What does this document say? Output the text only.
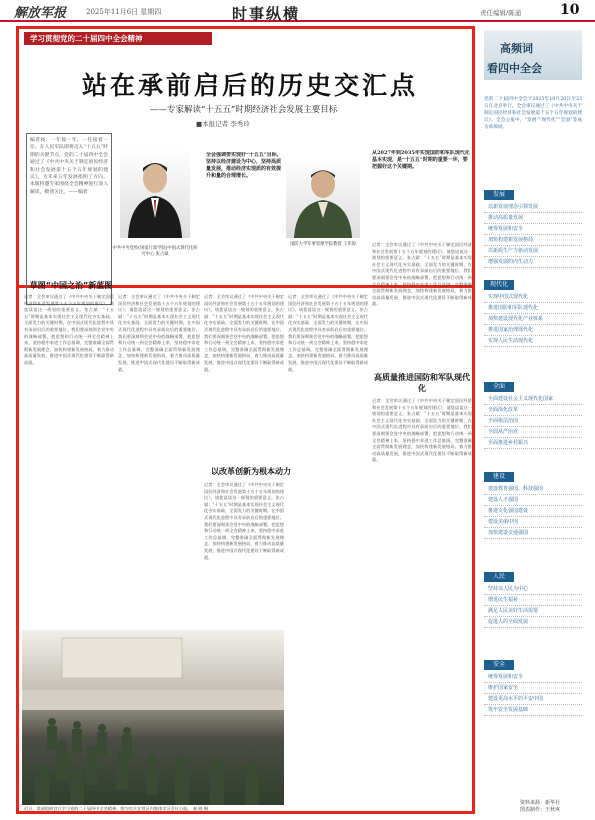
解放军报	2025年11月6日 星期四	时事纵横	责任编辑/陈通	10
学习贯彻党的二十届四中全会精神
站在承前启后的历史交汇点
——专家解读“十五五”时期经济社会发展主要目标
■本报记者 李秀玲
编者按：一年接一年，一任接着一任。在人民军队即将迈入“十五五”时期的关键节点，党的二十届四中全会通过了《中共中央关于制定国民经济和社会发展第十五个五年规划的建议》，为未来五年发展指明了方向。本版特邀专家围绕全会精神进行深入解读，敬请关注。——编者
中共中央党校(国家行政学院)中国式现代化研究中心 张占斌
全会强调要实现好“十五五”目标，坚持以经济建设为中心，坚持高质量发展，推动经济实现质的有效提升和量的合理增长。
国防大学军事管理学院教授 王伟海
从2027年到2035年实现国防和军队现代化基本实现，是“十五五”时期的重要一环，要把握好这个关键期。
草图“中国之治”新蓝图
以改革创新为根本动力
高质量推进国防和军队现代化
记者：全会审议通过了《中共中央关于制定国民经济和社会发展第十五个五年规划的建议》，请您谈谈这一规划的重要意义。张占斌：“十五五”时期是基本实现社会主义现代化夯实基础、全面发力的关键时期，在中国式现代化进程中具有承前启后的重要地位。我们要深刻领会党中央的战略部署，把思想和行动统一到全会精神上来，坚持稳中求进工作总基调，完整准确全面贯彻新发展理念，加快构建新发展格局，着力推动高质量发展，推进中国式现代化建设不断取得新成就。
记者：全会审议通过了《中共中央关于制定国民经济和社会发展第十五个五年规划的建议》，请您谈谈这一规划的重要意义。张占斌：“十五五”时期是基本实现社会主义现代化夯实基础、全面发力的关键时期，在中国式现代化进程中具有承前启后的重要地位。我们要深刻领会党中央的战略部署，把思想和行动统一到全会精神上来，坚持稳中求进工作总基调，完整准确全面贯彻新发展理念，加快构建新发展格局，着力推动高质量发展，推进中国式现代化建设不断取得新成就。
记者：全会审议通过了《中共中央关于制定国民经济和社会发展第十五个五年规划的建议》，请您谈谈这一规划的重要意义。张占斌：“十五五”时期是基本实现社会主义现代化夯实基础、全面发力的关键时期，在中国式现代化进程中具有承前启后的重要地位。我们要深刻领会党中央的战略部署，把思想和行动统一到全会精神上来，坚持稳中求进工作总基调，完整准确全面贯彻新发展理念，加快构建新发展格局，着力推动高质量发展，推进中国式现代化建设不断取得新成就。
记者：全会审议通过了《中共中央关于制定国民经济和社会发展第十五个五年规划的建议》，请您谈谈这一规划的重要意义。张占斌：“十五五”时期是基本实现社会主义现代化夯实基础、全面发力的关键时期，在中国式现代化进程中具有承前启后的重要地位。我们要深刻领会党中央的战略部署，把思想和行动统一到全会精神上来，坚持稳中求进工作总基调，完整准确全面贯彻新发展理念，加快构建新发展格局，着力推动高质量发展，推进中国式现代化建设不断取得新成就。
记者：全会审议通过了《中共中央关于制定国民经济和社会发展第十五个五年规划的建议》，请您谈谈这一规划的重要意义。张占斌：“十五五”时期是基本实现社会主义现代化夯实基础、全面发力的关键时期，在中国式现代化进程中具有承前启后的重要地位。我们要深刻领会党中央的战略部署，把思想和行动统一到全会精神上来，坚持稳中求进工作总基调，完整准确全面贯彻新发展理念，加快构建新发展格局，着力推动高质量发展，推进中国式现代化建设不断取得新成就。
记者：全会审议通过了《中共中央关于制定国民经济和社会发展第十五个五年规划的建议》，请您谈谈这一规划的重要意义。张占斌：“十五五”时期是基本实现社会主义现代化夯实基础、全面发力的关键时期，在中国式现代化进程中具有承前启后的重要地位。我们要深刻领会党中央的战略部署，把思想和行动统一到全会精神上来，坚持稳中求进工作总基调，完整准确全面贯彻新发展理念，加快构建新发展格局，着力推动高质量发展，推进中国式现代化建设不断取得新成就。
记者：全会审议通过了《中共中央关于制定国民经济和社会发展第十五个五年规划的建议》，请您谈谈这一规划的重要意义。张占斌：“十五五”时期是基本实现社会主义现代化夯实基础、全面发力的关键时期，在中国式现代化进程中具有承前启后的重要地位。我们要深刻领会党中央的战略部署，把思想和行动统一到全会精神上来，坚持稳中求进工作总基调，完整准确全面贯彻新发展理念，加快构建新发展格局，着力推动高质量发展，推进中国式现代化建设不断取得新成就。
近日，某部组织官兵学习党的二十届四中全会精神。图为官兵在营区内集体学习会议公报。 秦 晓 摄
高频词
看四中全会
党的二十届四中全会于2025年10月20日至23日在北京举行。全会审议通过了《中共中央关于制定国民经济和社会发展第十五个五年规划的建议》。全会公报中，“发展”“现代化”“全面”等成为高频词。
发展
以新发展理念引领发展
推动高质量发展
统筹发展和安全
加快构建新发展格局
以新质生产力驱动发展
增强发展的内生动力
现代化
实现中国式现代化
推进国防和军队现代化
加快建设现代化产业体系
推进国家治理现代化
实现人民生活现代化
全面
全面建设社会主义现代化国家
全面深化改革
全面依法治国
全面从严治党
全面推进乡村振兴
建设
建设教育强国、科技强国
建设人才强国
推进文化强国建设
建设美丽中国
加快建设交通强国
人民
坚持以人民为中心
增进民生福祉
满足人民美好生活需要
促进人的全面发展
安全
统筹发展和安全
维护国家安全
建设更高水平的平安中国
筑牢安全发展基础
资料来源：新华社
图表制作：王秋爽
